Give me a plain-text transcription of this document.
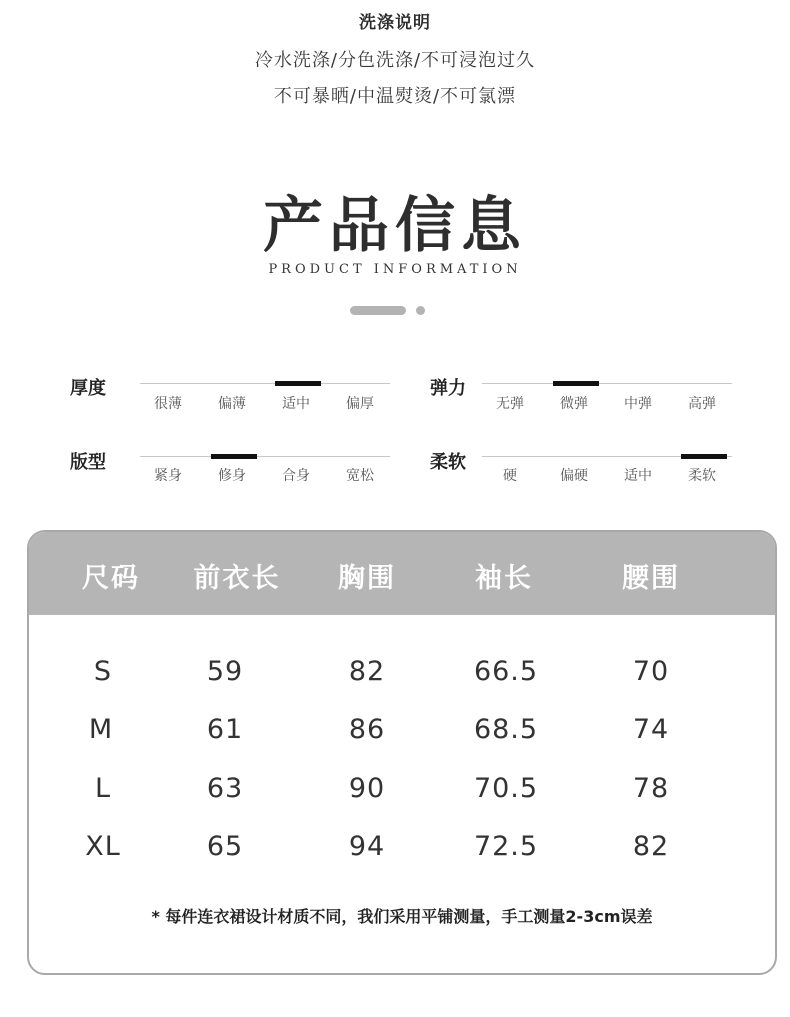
洗涤说明
冷水洗涤/分色洗涤/不可浸泡过久
不可暴晒/中温熨烫/不可氯漂
产品信息
PRODUCT INFORMATION
厚度
很薄	偏薄	适中	偏厚
弹力
无弹	微弹	中弹	高弹
版型
紧身	修身	合身	宽松
柔软
硬	偏硬	适中	柔软
尺码	前衣长	胸围	袖长	腰围
S	59	82	66.5	70
M	61	86	68.5	74
L	63	90	70.5	78
XL	65	94	72.5	82
* 每件连衣裙设计材质不同，我们采用平铺测量，手工测量2-3cm误差
